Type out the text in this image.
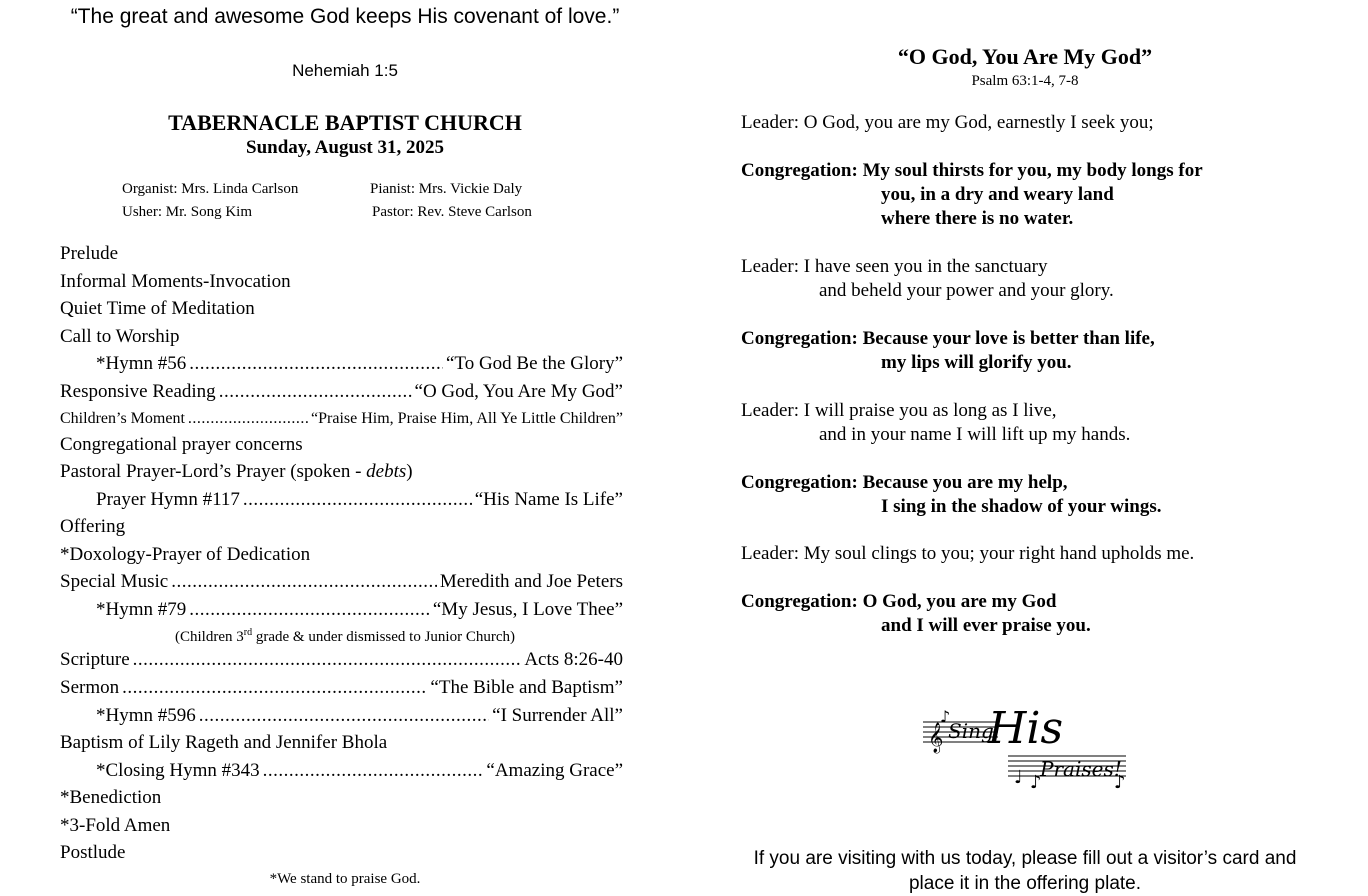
“The great and awesome God keeps His covenant of love.”
Nehemiah 1:5
TABERNACLE BAPTIST CHURCH
Sunday, August 31, 2025
Organist: Mrs. Linda Carlson	Pianist: Mrs. Vickie Daly
Usher: Mr. Song Kim	Pastor: Rev. Steve Carlson
Prelude
Informal Moments-Invocation
Quiet Time of Meditation
Call to Worship
*Hymn #56 .....	“To God Be the Glory”
Responsive Reading .....	“O God, You Are My God”
Children’s Moment .....	“Praise Him, Praise Him, All Ye Little Children”
Congregational prayer concerns
Pastoral Prayer-Lord’s Prayer (spoken - debts)
Prayer Hymn #117 .....	“His Name Is Life”
Offering
*Doxology-Prayer of Dedication
Special Music .....	Meredith and Joe Peters
*Hymn #79 .....	“My Jesus, I Love Thee”
(Children 3rd grade & under dismissed to Junior Church)
Scripture .....	Acts 8:26-40
Sermon .....	“The Bible and Baptism”
*Hymn #596 .....	“I Surrender All”
Baptism of Lily Rageth and Jennifer Bhola
*Closing Hymn #343 .....	“Amazing Grace”
*Benediction
*3-Fold Amen
Postlude
*We stand to praise God.
“O God, You Are My God”
Psalm 63:1-4, 7-8
Leader: O God, you are my God, earnestly I seek you;
Congregation: My soul thirsts for you, my body longs for
you, in a dry and weary land
where there is no water.
Leader: I have seen you in the sanctuary
and beheld your power and your glory.
Congregation: Because your love is better than life,
my lips will glorify you.
Leader: I will praise you as long as I live,
and in your name I will lift up my hands.
Congregation: Because you are my help,
I sing in the shadow of your wings.
Leader: My soul clings to you; your right hand upholds me.
Congregation: O God, you are my God
and I will ever praise you.
𝄞
♪
♩ ♪	♪
Sing
His
Praises!
If you are visiting with us today, please fill out a visitor’s card and place it in the offering plate.
